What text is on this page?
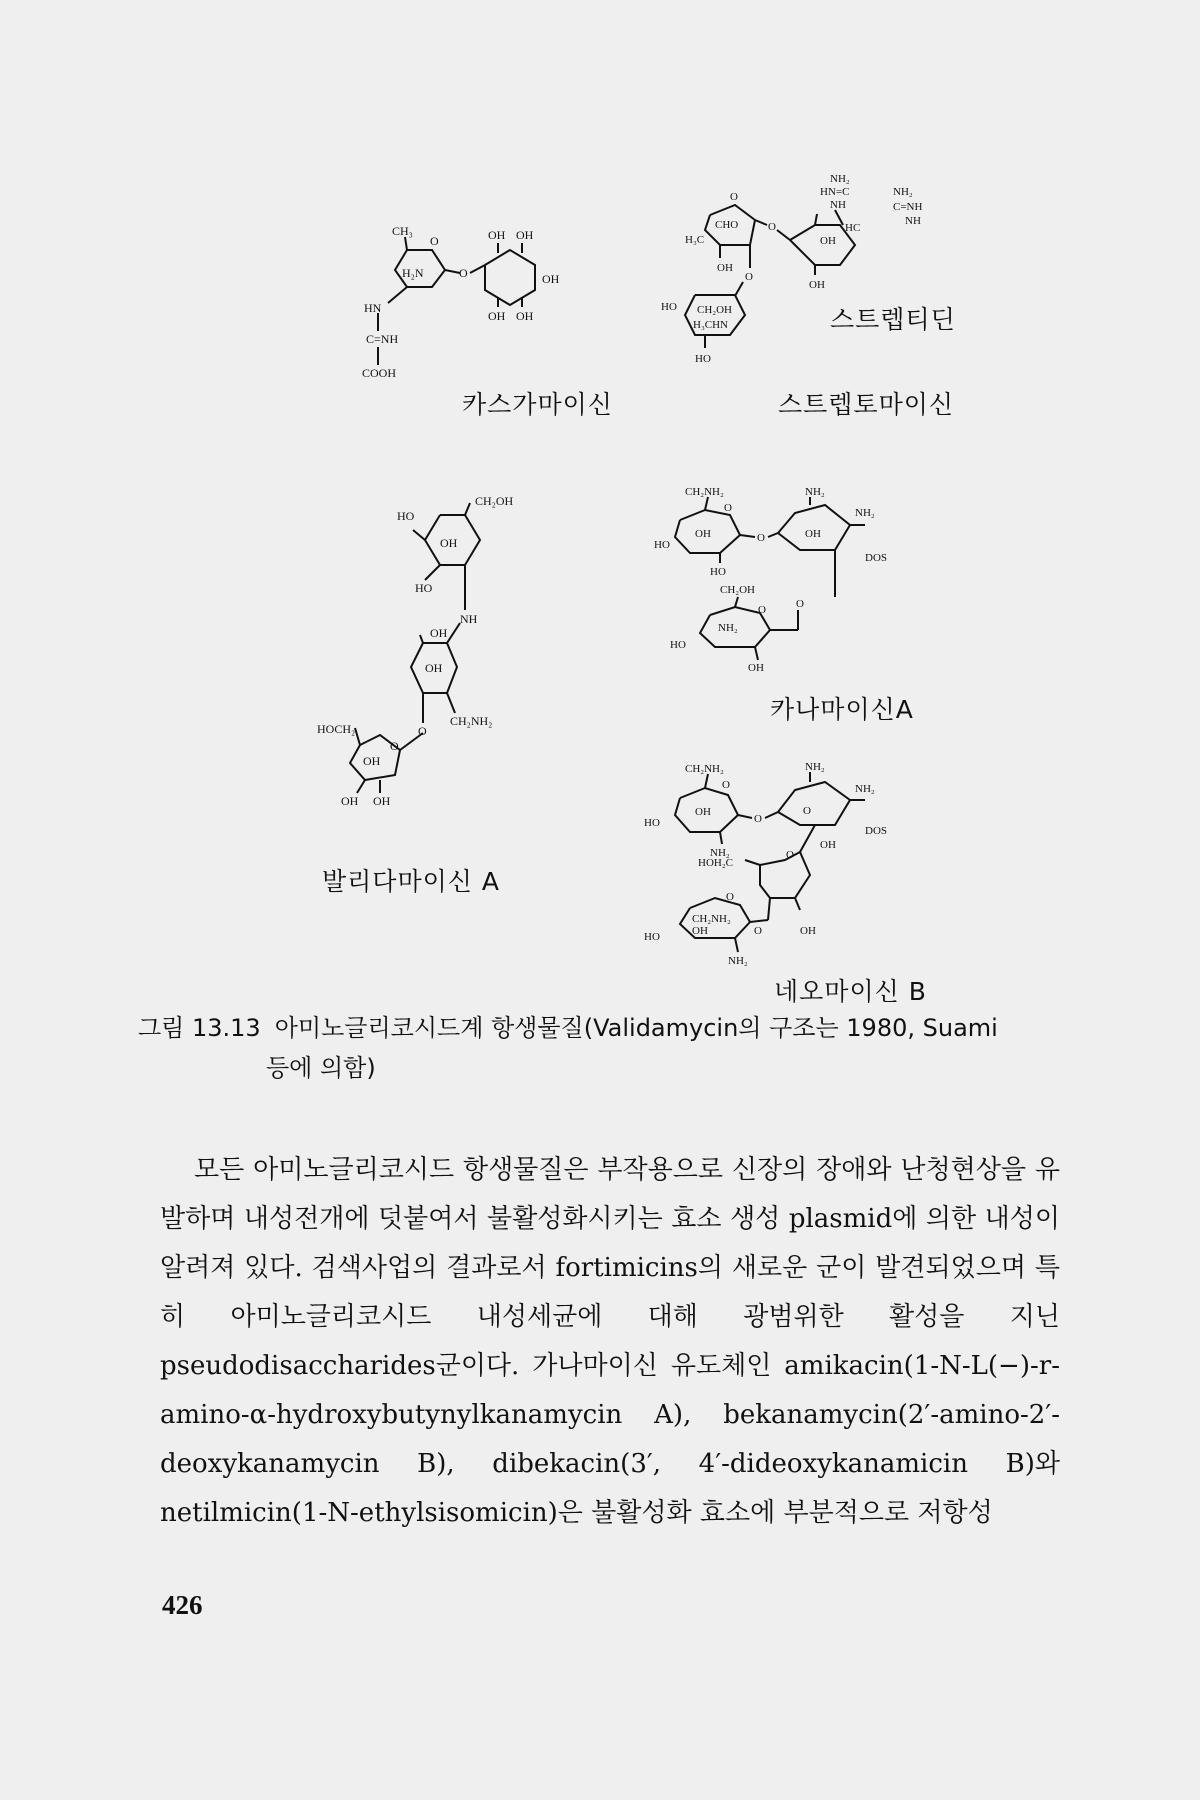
CH₃
O
H₂N	O
HN
C=NH
COOH
OH OH
OH
OH OH
카스가마이신
NH₂
HN=C
NH
NH₂
C=NH
NH
O
CHO
H₃C
OH
O	HC
OH
OH
O
HO CH₂OH
H₃CHN
HO
스트렙티딘
스트렙토마이신
CH₂OH
HO
OH
HO
NH
OH
OH
HOCH₂
CH₂NH₂
O
O
OH
OH OH
발리다마이신 A
CH₂NH₂	NH₂
O	NH₂
OH	O	OH
HO
HO
DOS
CH₂OH
O	O
NH₂
HO
OH
카나마이신A
CH₂NH₂	NH₂
O	NH₂
OH
O
O
DOS
HO
NH₂
OH
HOH₂C
O
O
CH₂NH₂
OH	O	OH
HO
NH₂
네오마이신 B
그림 13.13 아미노글리코시드계 항생물질(Validamycin의 구조는 1980, Suami
등에 의함)

모든 아미노글리코시드 항생물질은 부작용으로 신장의 장애와 난청현상을 유발하며 내성전개에 덧붙여서 불활성화시키는 효소 생성 plasmid에 의한 내성이 알려져 있다. 검색사업의 결과로서 fortimicins의 새로운 군이 발견되었으며 특히 아미노글리코시드 내성세균에 대해 광범위한 활성을 지닌 pseudodisaccharides군이다. 가나마이신 유도체인 amikacin(1-N-L(−)-r-amino-α-hydroxybutynylkanamycin A), bekanamycin(2′-amino-2′-deoxykanamycin B), dibekacin(3′, 4′-dideoxykanamicin B)와 netilmicin(1-N-ethylsisomicin)은 불활성화 효소에 부분적으로 저항성

426
